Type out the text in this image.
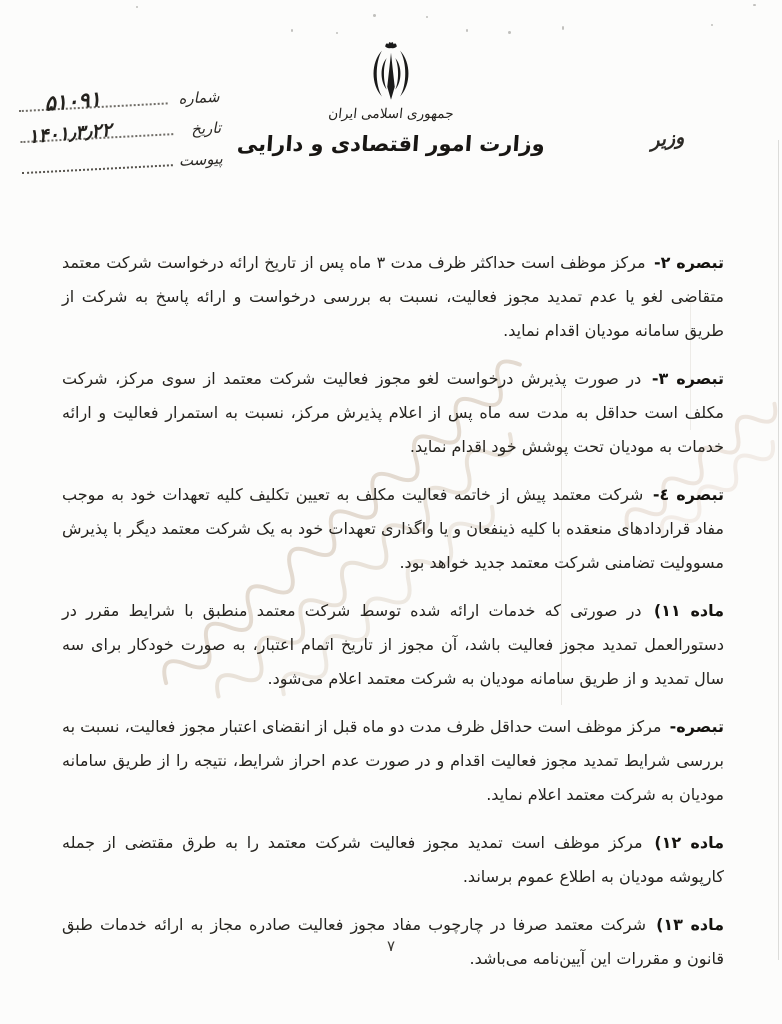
جمهوری اسلامی ایران
وزارت امور اقتصادی و دارایی
شماره
۵۱۰۹۱
تاریخ
۱۴۰۱٫۳٫۲۲
پیوست
وزیر

تبصره ۲- مرکز موظف است حداکثر ظرف مدت ۳ ماه پس از تاریخ ارائه درخواست شرکت معتمد متقاضی لغو یا عدم تمدید مجوز فعالیت، نسبت به بررسی درخواست و ارائه پاسخ به شرکت از طریق سامانه مودیان اقدام نماید.

تبصره ۳- در صورت پذیرش درخواست لغو مجوز فعالیت شرکت معتمد از سوی مرکز، شرکت مکلف است حداقل به مدت سه ماه پس از اعلام پذیرش مرکز، نسبت به استمرار فعالیت و ارائه خدمات به مودیان تحت پوشش خود اقدام نماید.

تبصره ٤- شرکت معتمد پیش از خاتمه فعالیت مکلف به تعیین تکلیف کلیه تعهدات خود به موجب مفاد قراردادهای منعقده با کلیه ذینفعان و یا واگذاری تعهدات خود به یک شرکت معتمد دیگر با پذیرش مسوولیت تضامنی شرکت معتمد جدید خواهد بود.

ماده ۱۱) در صورتی که خدمات ارائه شده توسط شرکت معتمد منطبق با شرایط مقرر در دستورالعمل تمدید مجوز فعالیت باشد، آن مجوز از تاریخ اتمام اعتبار، به صورت خودکار برای سه سال تمدید و از طریق سامانه مودیان به شرکت معتمد اعلام می‌شود.

تبصره- مرکز موظف است حداقل ظرف مدت دو ماه قبل از انقضای اعتبار مجوز فعالیت، نسبت به بررسی شرایط تمدید مجوز فعالیت اقدام و در صورت عدم احراز شرایط، نتیجه را از طریق سامانه مودیان به شرکت معتمد اعلام نماید.

ماده ۱۲) مرکز موظف است تمدید مجوز فعالیت شرکت معتمد را به طرق مقتضی از جمله کارپوشه مودیان به اطلاع عموم برساند.

ماده ۱۳) شرکت معتمد صرفا در چارچوب مفاد مجوز فعالیت صادره مجاز به ارائه خدمات طبق قانون و مقررات این آیین‌نامه می‌باشد.

۷
